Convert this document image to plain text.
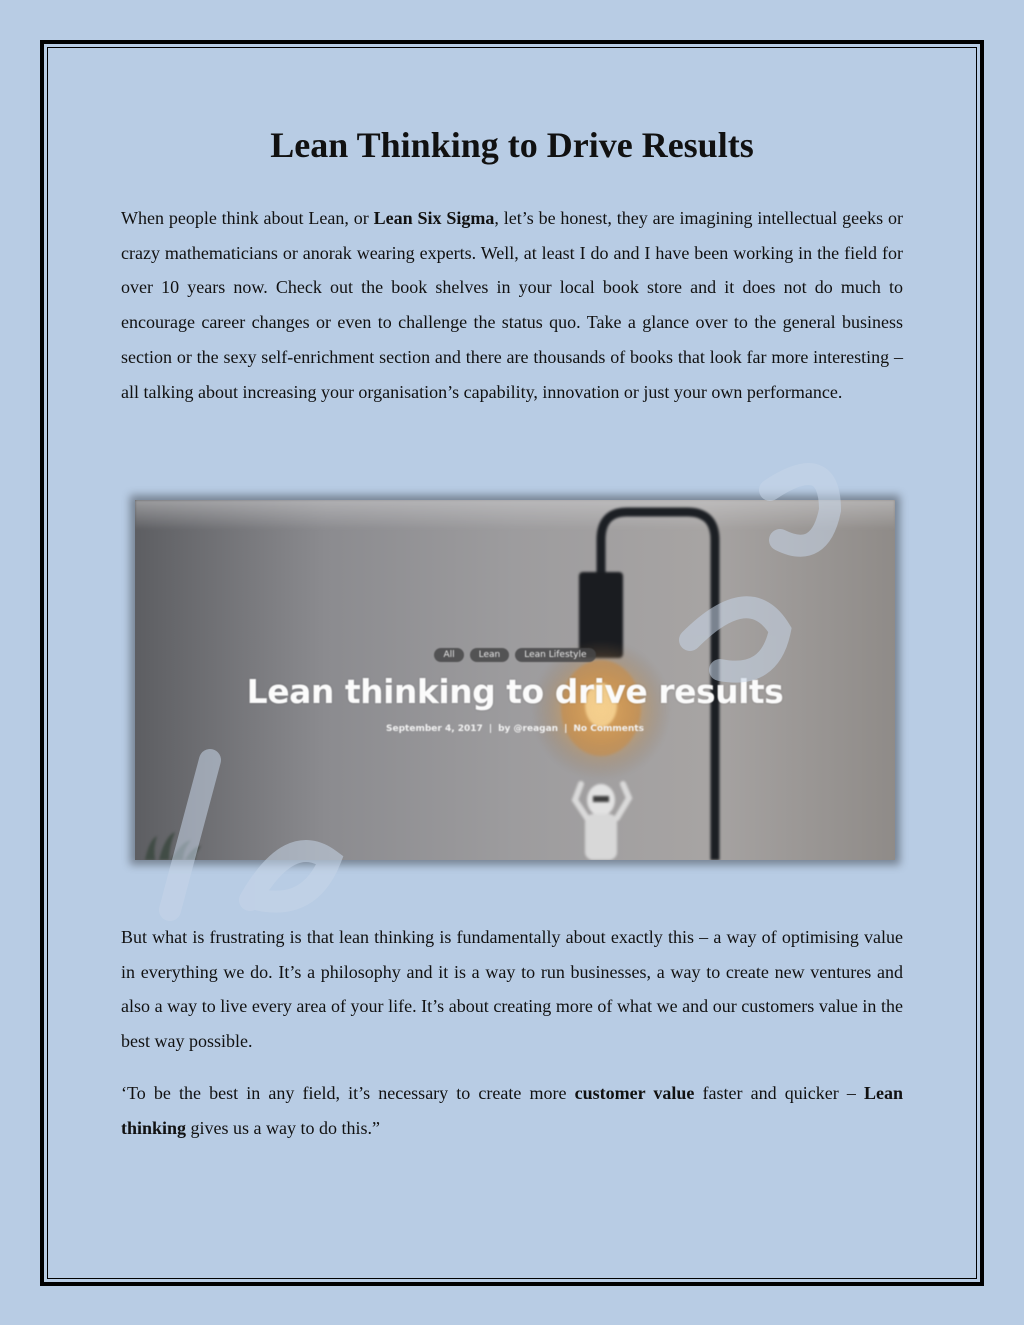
Lean Thinking to Drive Results

When people think about Lean, or Lean Six Sigma, let’s be honest, they are imagining intellectual geeks or crazy mathematicians or anorak wearing experts. Well, at least I do and I have been working in the field for over 10 years now. Check out the book shelves in your local book store and it does not do much to encourage career changes or even to challenge the status quo. Take a glance over to the general business section or the sexy self-enrichment section and there are thousands of books that look far more interesting – all talking about increasing your organisation’s capability, innovation or just your own performance.

All	Lean	Lean Lifestyle
Lean thinking to drive results
September 4, 2017 | by @reagan | No Comments

But what is frustrating is that lean thinking is fundamentally about exactly this – a way of optimising value in everything we do. It’s a philosophy and it is a way to run businesses, a way to create new ventures and also a way to live every area of your life. It’s about creating more of what we and our customers value in the best way possible.

‘To be the best in any field, it’s necessary to create more customer value faster and quicker – Lean thinking gives us a way to do this.”
